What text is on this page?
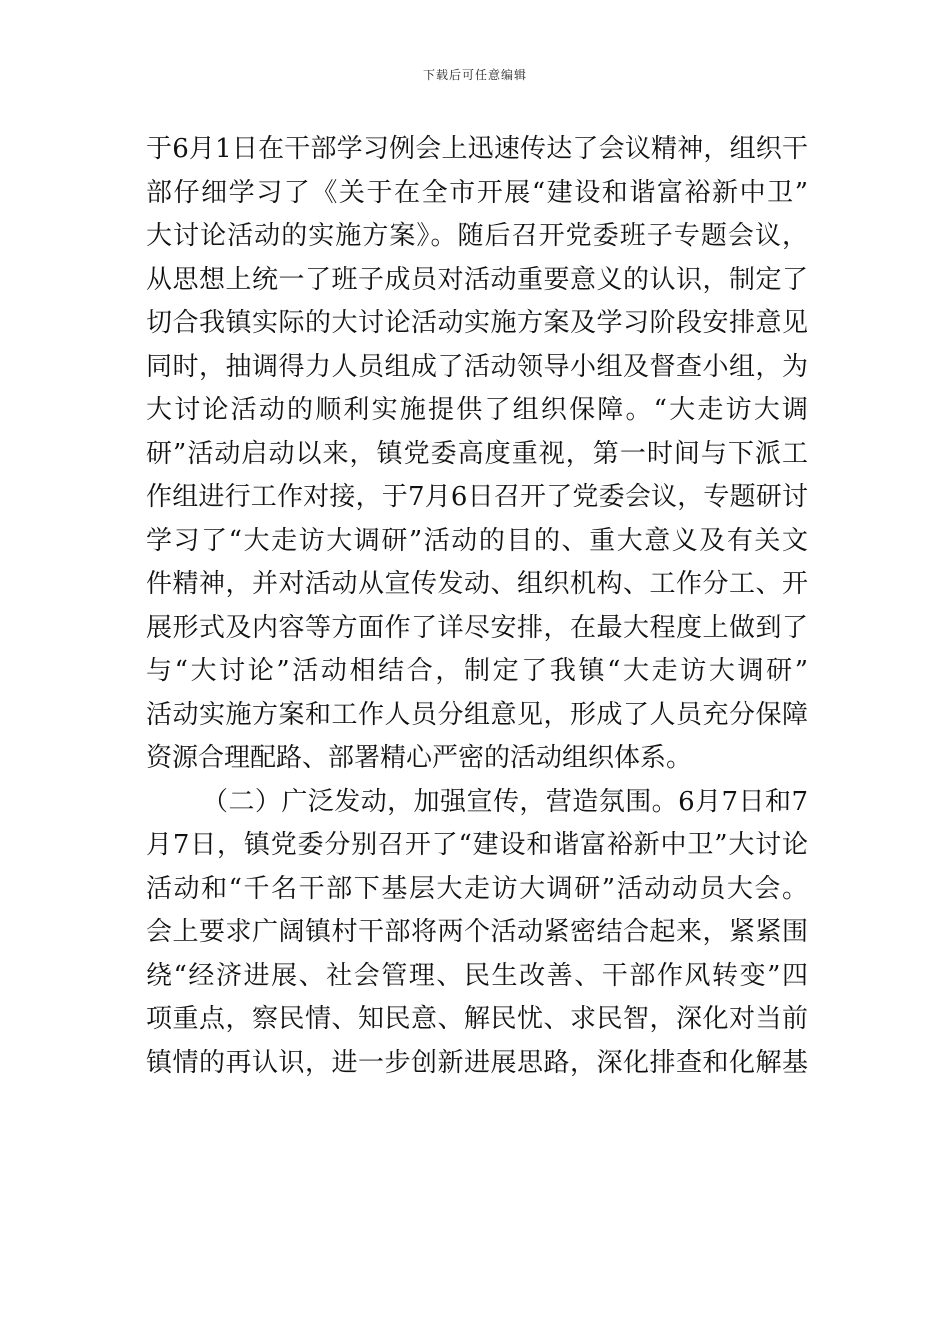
下载后可任意编辑
于6月1日在干部学习例会上迅速传达了会议精神，组织干
部仔细学习了《关于在全市开展“建设和谐富裕新中卫”
大讨论活动的实施方案》。随后召开党委班子专题会议，
从思想上统一了班子成员对活动重要意义的认识，制定了
切合我镇实际的大讨论活动实施方案及学习阶段安排意见
同时，抽调得力人员组成了活动领导小组及督查小组，为
大讨论活动的顺利实施提供了组织保障。“大走访大调
研”活动启动以来，镇党委高度重视，第一时间与下派工
作组进行工作对接，于7月6日召开了党委会议，专题研讨
学习了“大走访大调研”活动的目的、重大意义及有关文
件精神，并对活动从宣传发动、组织机构、工作分工、开
展形式及内容等方面作了详尽安排，在最大程度上做到了
与“大讨论”活动相结合，制定了我镇“大走访大调研”
活动实施方案和工作人员分组意见，形成了人员充分保障
资源合理配路、部署精心严密的活动组织体系。
（二）广泛发动，加强宣传，营造氛围。6月7日和7
月7日，镇党委分别召开了“建设和谐富裕新中卫”大讨论
活动和“千名干部下基层大走访大调研”活动动员大会。
会上要求广阔镇村干部将两个活动紧密结合起来，紧紧围
绕“经济进展、社会管理、民生改善、干部作风转变”四
项重点，察民情、知民意、解民忧、求民智，深化对当前
镇情的再认识，进一步创新进展思路，深化排查和化解基
